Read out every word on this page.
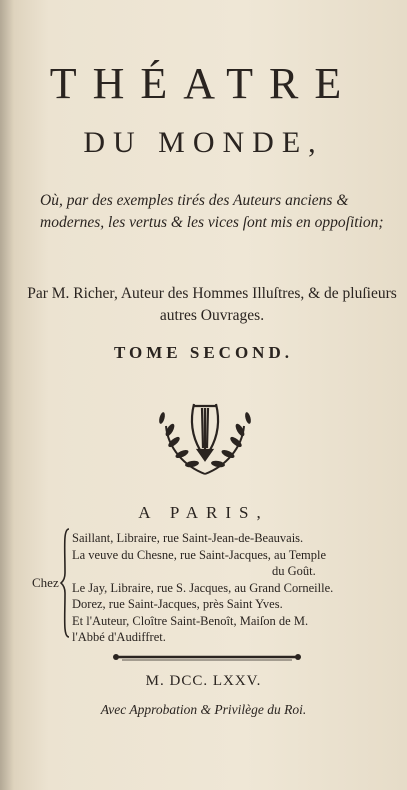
THÉATRE
DU MONDE,
Où, par des exemples tirés des Auteurs anciens & modernes, les vertus & les vices ſont mis en oppoſition;
Par M. Richer, Auteur des Hommes Illuſtres, & de pluſieurs autres Ouvrages.
TOME SECOND.
A PARIS,
Chez
Saillant, Libraire, rue Saint-Jean-de-Beauvais.
La veuve du Chesne, rue Saint-Jacques, au Temple
du Goût.
Le Jay, Libraire, rue S. Jacques, au Grand Corneille.
Dorez, rue Saint-Jacques, près Saint Yves.
Et l'Auteur, Cloître Saint-Benoît, Maiſon de M.
l'Abbé d'Audiffret.
M. DCC. LXXV.
Avec Approbation & Privilège du Roi.
